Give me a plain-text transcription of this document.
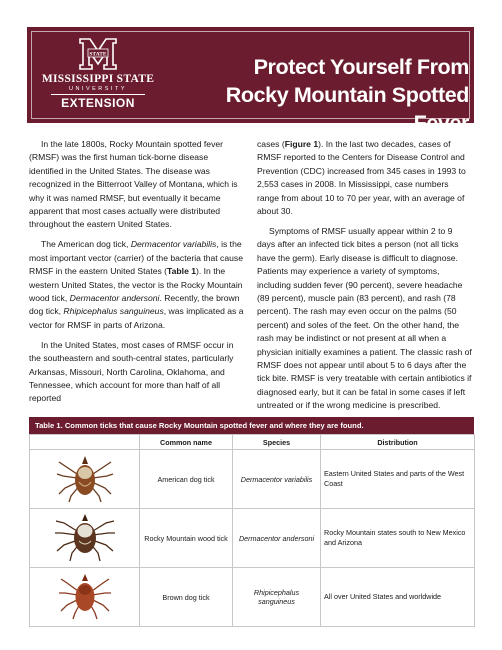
STATE
MISSISSIPPI STATE
UNIVERSITY
EXTENSION
Protect Yourself From
Rocky Mountain Spotted Fever

In the late 1800s, Rocky Mountain spotted fever (RMSF) was the first human tick-borne disease identified in the United States. The disease was recognized in the Bitterroot Valley of Montana, which is why it was named RMSF, but eventually it became apparent that most cases actually were distributed throughout the eastern United States.

The American dog tick, Dermacentor variabilis, is the most important vector (carrier) of the bacteria that cause RMSF in the eastern United States (Table 1). In the western United States, the vector is the Rocky Mountain wood tick, Dermacentor andersoni. Recently, the brown dog tick, Rhipicephalus sanguineus, was implicated as a vector for RMSF in parts of Arizona.

In the United States, most cases of RMSF occur in the southeastern and south-central states, particularly Arkansas, Missouri, North Carolina, Oklahoma, and Tennessee, which account for more than half of all reported

cases (Figure 1). In the last two decades, cases of RMSF reported to the Centers for Disease Control and Prevention (CDC) increased from 345 cases in 1993 to 2,553 cases in 2008. In Mississippi, case numbers range from about 10 to 70 per year, with an average of about 30.

Symptoms of RMSF usually appear within 2 to 9 days after an infected tick bites a person (not all ticks have the germ). Early disease is difficult to diagnose. Patients may experience a variety of symptoms, including sudden fever (90 percent), severe headache (89 percent), muscle pain (83 percent), and rash (78 percent). The rash may even occur on the palms (50 percent) and soles of the feet. On the other hand, the rash may be indistinct or not present at all when a physician initially examines a patient. The classic rash of RMSF does not appear until about 5 to 6 days after the tick bite. RMSF is very treatable with certain antibiotics if diagnosed early, but it can be fatal in some cases if left untreated or if the wrong medicine is prescribed.

Table 1. Common ticks that cause Rocky Mountain spotted fever and where they are found.
	Common name	Species	Distribution
	American dog tick	Dermacentor variabilis	Eastern United States and parts of the West Coast
	Rocky Mountain wood tick	Dermacentor andersoni	Rocky Mountain states south to New Mexico and Arizona
	Brown dog tick	Rhipicephalus sanguineus	All over United States and worldwide
